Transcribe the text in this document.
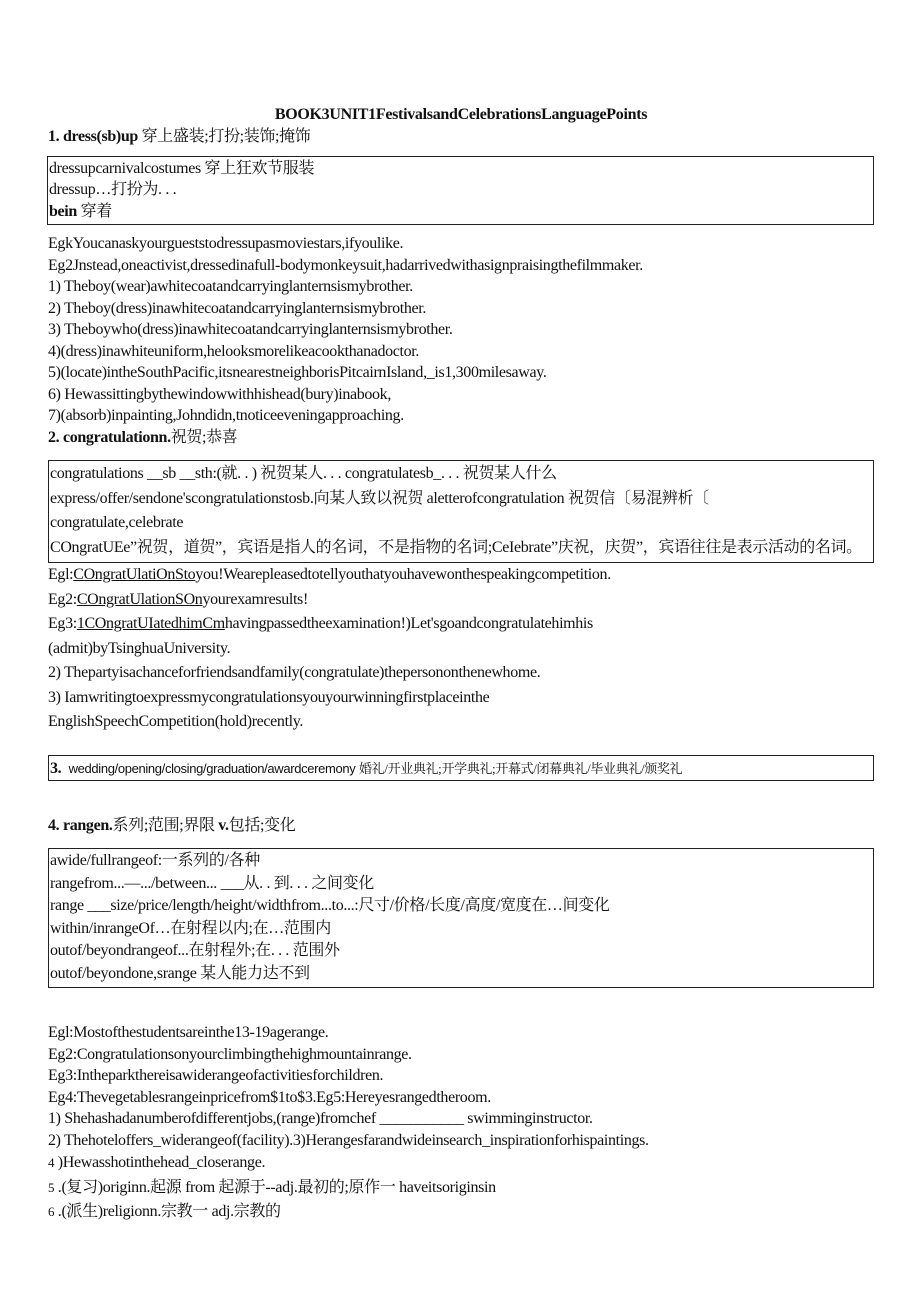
BOOK3UNIT1FestivalsandCelebrationsLanguagePoints
1. dress(sb)up 穿上盛装;打扮;装饰;掩饰
dressupcarnivalcostumes 穿上狂欢节服装
dressup…打扮为. . .
bein 穿着
EgkYoucanaskyourgueststodressupasmoviestars,ifyoulike.
Eg2Jnstead,oneactivist,dressedinafull-bodymonkeysuit,hadarrivedwithasignpraisingthefilmmaker.
1) Theboy(wear)awhitecoatandcarryinglanternsismybrother.
2) Theboy(dress)inawhitecoatandcarryinglanternsismybrother.
3) Theboywho(dress)inawhitecoatandcarryinglanternsismybrother.
4)(dress)inawhiteuniform,helooksmorelikeacookthanadoctor.
5)(locate)intheSouthPacific,itsnearestneighborisPitcairnIsland,_is1,300milesaway.
6) Hewassittingbythewindowwithhishead(bury)inabook,
7)(absorb)inpainting,Johndidn,tnoticeeveningapproaching.
2. congratulationn.祝贺;恭喜
congratulations __sb __sth:(就. . ) 祝贺某人. . . congratulatesb_. . . 祝贺某人什么
express/offer/sendone'scongratulationstosb.向某人致以祝贺 aletterofcongratulation 祝贺信〔易混辨析〔
congratulate,celebrate
COngratUEe”祝贺，道贺”，宾语是指人的名词，不是指物的名词;CeIebrate”庆祝，庆贺”，宾语往往是表示活动的名词。
Egl:COngratUlatiOnStoyou!Wearepleasedtotellyouthatyouhavewonthespeakingcompetition.
Eg2:COngratUlationSOnyourexamresults!
Eg3:1COngratUIatedhimCmhavingpassedtheexamination!)Let'sgoandcongratulatehimhis
(admit)byTsinghuaUniversity.
2) Thepartyisachanceforfriendsandfamily(congratulate)thepersononthenewhome.
3) Iamwritingtoexpressmycongratulationsyouyourwinningfirstplaceinthe
EnglishSpeechCompetition(hold)recently.
3. wedding/opening/closing/graduation/awardceremony 婚礼/开业典礼;开学典礼;开幕式/闭幕典礼/毕业典礼/颁奖礼
4. rangen.系列;范围;界限 v.包括;变化
awide/fullrangeof:一系列的/各种
rangefrom...—.../between... ___从. . 到. . . 之间变化
range ___size/price/length/height/widthfrom...to...:尺寸/价格/长度/高度/宽度在…间变化
within/inrangeOf…在射程以内;在…范围内
outof/beyondrangeof...在射程外;在. . . 范围外
outof/beyondone,srange 某人能力达不到
Egl:Mostofthestudentsareinthe13-19agerange.
Eg2:Congratulationsonyourclimbingthehighmountainrange.
Eg3:Intheparkthereisawiderangeofactivitiesforchildren.
Eg4:Thevegetablesrangeinpricefrom$1to$3.Eg5:Hereyesrangedtheroom.
1) Shehashadanumberofdifferentjobs,(range)fromchef ___________ swimminginstructor.
2) Thehoteloffers_widerangeof(facility).3)Herangesfarandwideinsearch_inspirationforhispaintings.
4 )Hewasshotinthehead_closerange.
5 .(复习)originn.起源 from 起源于--adj.最初的;原作一 haveitsoriginsin
6 .(派生)religionn.宗教一 adj.宗教的
